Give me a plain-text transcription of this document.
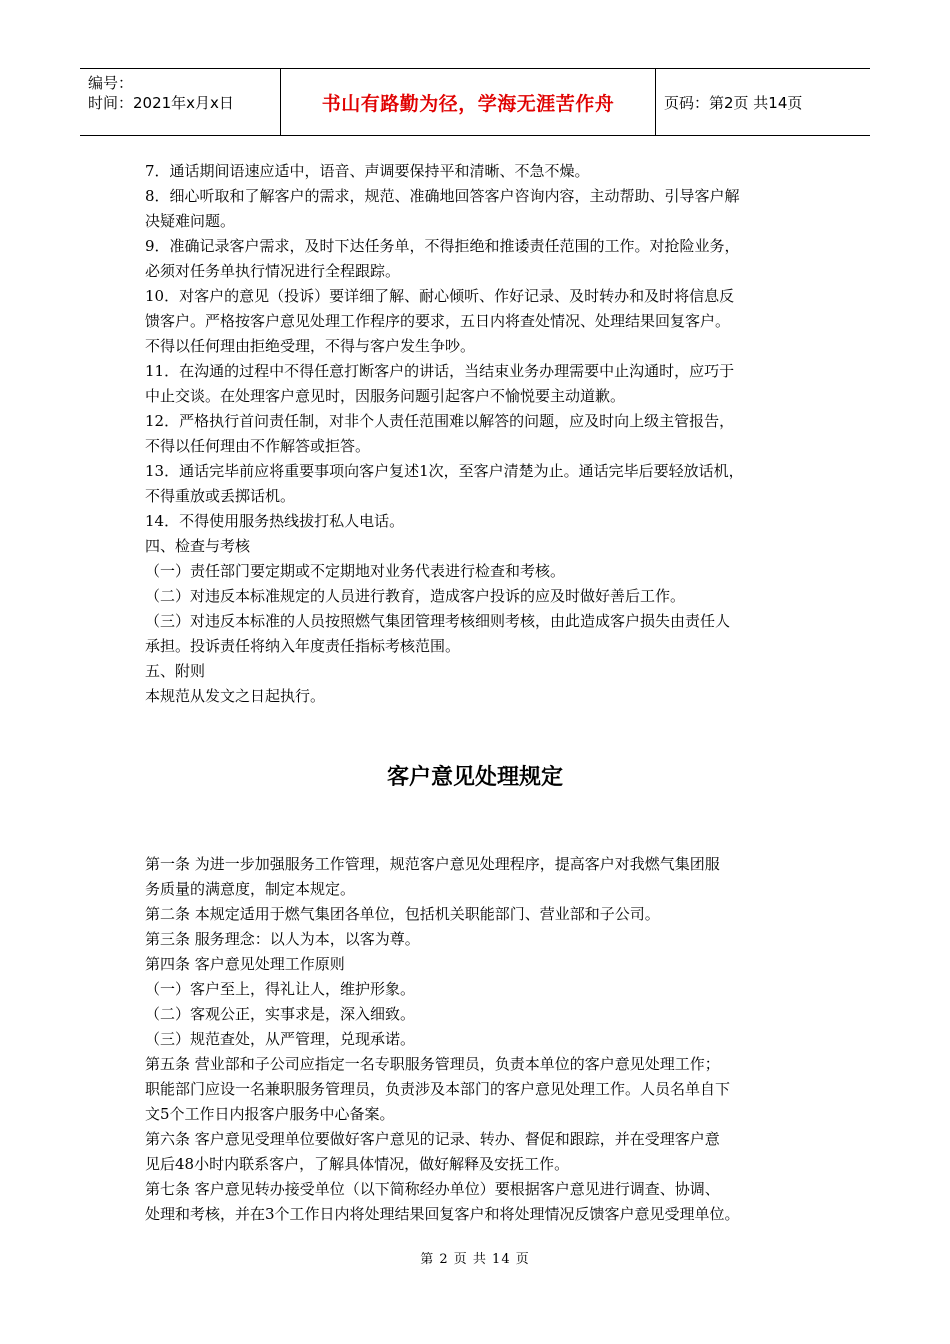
编号：
时间：2021年x月x日	书山有路勤为径，学海无涯苦作舟	页码：第2页 共14页

7．通话期间语速应适中，语音、声调要保持平和清晰、不急不燥。

8．细心听取和了解客户的需求，规范、准确地回答客户咨询内容，主动帮助、引导客户解

决疑难问题。

9．准确记录客户需求，及时下达任务单，不得拒绝和推诿责任范围的工作。对抢险业务，

必须对任务单执行情况进行全程跟踪。

10．对客户的意见（投诉）要详细了解、耐心倾听、作好记录、及时转办和及时将信息反

馈客户。严格按客户意见处理工作程序的要求，五日内将查处情况、处理结果回复客户。

不得以任何理由拒绝受理，不得与客户发生争吵。

11．在沟通的过程中不得任意打断客户的讲话，当结束业务办理需要中止沟通时，应巧于

中止交谈。在处理客户意见时，因服务问题引起客户不愉悦要主动道歉。

12．严格执行首问责任制，对非个人责任范围难以解答的问题，应及时向上级主管报告，

不得以任何理由不作解答或拒答。

13．通话完毕前应将重要事项向客户复述1次，至客户清楚为止。通话完毕后要轻放话机，

不得重放或丢掷话机。

14．不得使用服务热线拔打私人电话。

四、检查与考核

（一）责任部门要定期或不定期地对业务代表进行检查和考核。

（二）对违反本标准规定的人员进行教育，造成客户投诉的应及时做好善后工作。

（三）对违反本标准的人员按照燃气集团管理考核细则考核，由此造成客户损失由责任人

承担。投诉责任将纳入年度责任指标考核范围。

五、附则

本规范从发文之日起执行。

客户意见处理规定

第一条 为进一步加强服务工作管理，规范客户意见处理程序，提高客户对我燃气集团服

务质量的满意度，制定本规定。

第二条 本规定适用于燃气集团各单位，包括机关职能部门、营业部和子公司。

第三条 服务理念：以人为本，以客为尊。

第四条 客户意见处理工作原则

（一）客户至上，得礼让人，维护形象。

（二）客观公正，实事求是，深入细致。

（三）规范查处，从严管理，兑现承诺。

第五条 营业部和子公司应指定一名专职服务管理员，负责本单位的客户意见处理工作；

职能部门应设一名兼职服务管理员，负责涉及本部门的客户意见处理工作。人员名单自下

文5个工作日内报客户服务中心备案。

第六条 客户意见受理单位要做好客户意见的记录、转办、督促和跟踪，并在受理客户意

见后48小时内联系客户，了解具体情况，做好解释及安抚工作。

第七条 客户意见转办接受单位（以下简称经办单位）要根据客户意见进行调查、协调、

处理和考核，并在3个工作日内将处理结果回复客户和将处理情况反馈客户意见受理单位。

第 2 页 共 14 页
